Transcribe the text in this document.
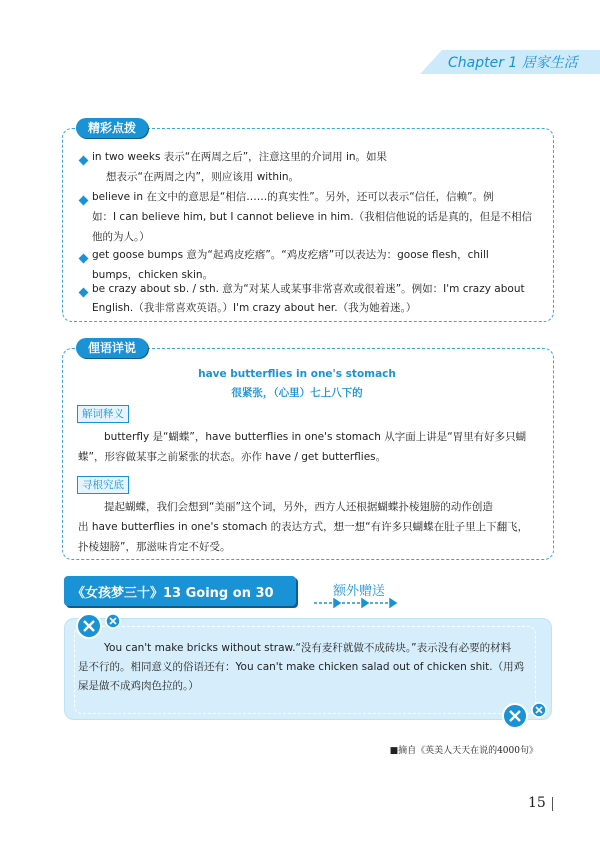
Chapter 1 居家生活
精彩点拨
in two weeks 表示“在两周之后”，注意这里的介词用 in。如果
想表示“在两周之内”，则应该用 within。
believe in 在文中的意思是“相信……的真实性”。另外，还可以表示“信任，信赖”。例
如：I can believe him, but I cannot believe in him.（我相信他说的话是真的，但是不相信
他的为人。）
get goose bumps 意为“起鸡皮疙瘩”。“鸡皮疙瘩”可以表达为：goose flesh，chill
bumps，chicken skin。
be crazy about sb. / sth. 意为“对某人或某事非常喜欢或很着迷”。例如：I'm crazy about
English.（我非常喜欢英语。）I'm crazy about her.（我为她着迷。）
俚语详说
have butterflies in one's stomach
很紧张，（心里）七上八下的
解词释义
butterfly 是“蝴蝶”，have butterflies in one's stomach 从字面上讲是“胃里有好多只蝴
蝶”，形容做某事之前紧张的状态。亦作 have / get butterflies。
寻根究底
提起蝴蝶，我们会想到“美丽”这个词，另外，西方人还根据蝴蝶扑棱翅膀的动作创造
出 have butterflies in one's stomach 的表达方式，想一想“有许多只蝴蝶在肚子里上下翻飞，
扑棱翅膀”，那滋味肯定不好受。
《女孩梦三十》13 Going on 30	额外赠送
You can't make bricks without straw.“没有麦秆就做不成砖块。”表示没有必要的材料
是不行的。相同意义的俗语还有：You can't make chicken salad out of chicken shit.（用鸡
屎是做不成鸡肉色拉的。）
■摘自《英美人天天在说的4000句》
15
